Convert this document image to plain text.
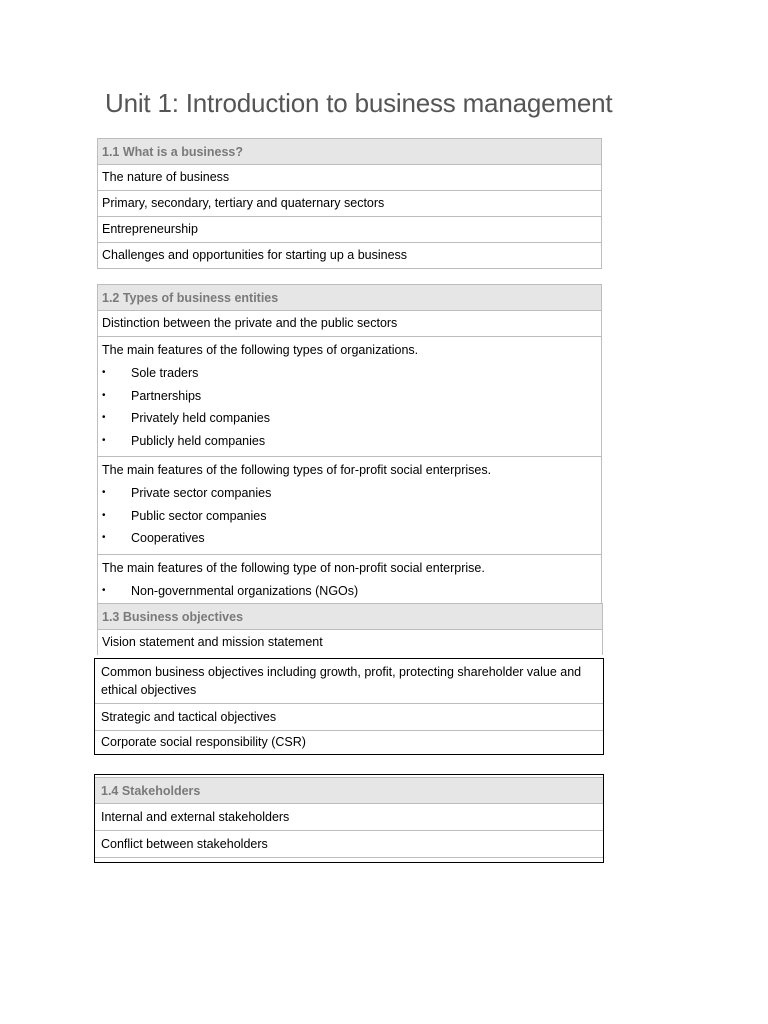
Unit 1: Introduction to business management
1.1 What is a business?
The nature of business
Primary, secondary, tertiary and quaternary sectors
Entrepreneurship
Challenges and opportunities for starting up a business
1.2 Types of business entities
Distinction between the private and the public sectors
The main features of the following types of organizations.
• Sole traders
• Partnerships
• Privately held companies
• Publicly held companies
The main features of the following types of for-profit social enterprises.
• Private sector companies
• Public sector companies
• Cooperatives
The main features of the following type of non-profit social enterprise.
• Non-governmental organizations (NGOs)
1.3 Business objectives
Vision statement and mission statement
Common business objectives including growth, profit, protecting shareholder value and ethical objectives
Strategic and tactical objectives
Corporate social responsibility (CSR)
1.4 Stakeholders
Internal and external stakeholders
Conflict between stakeholders
